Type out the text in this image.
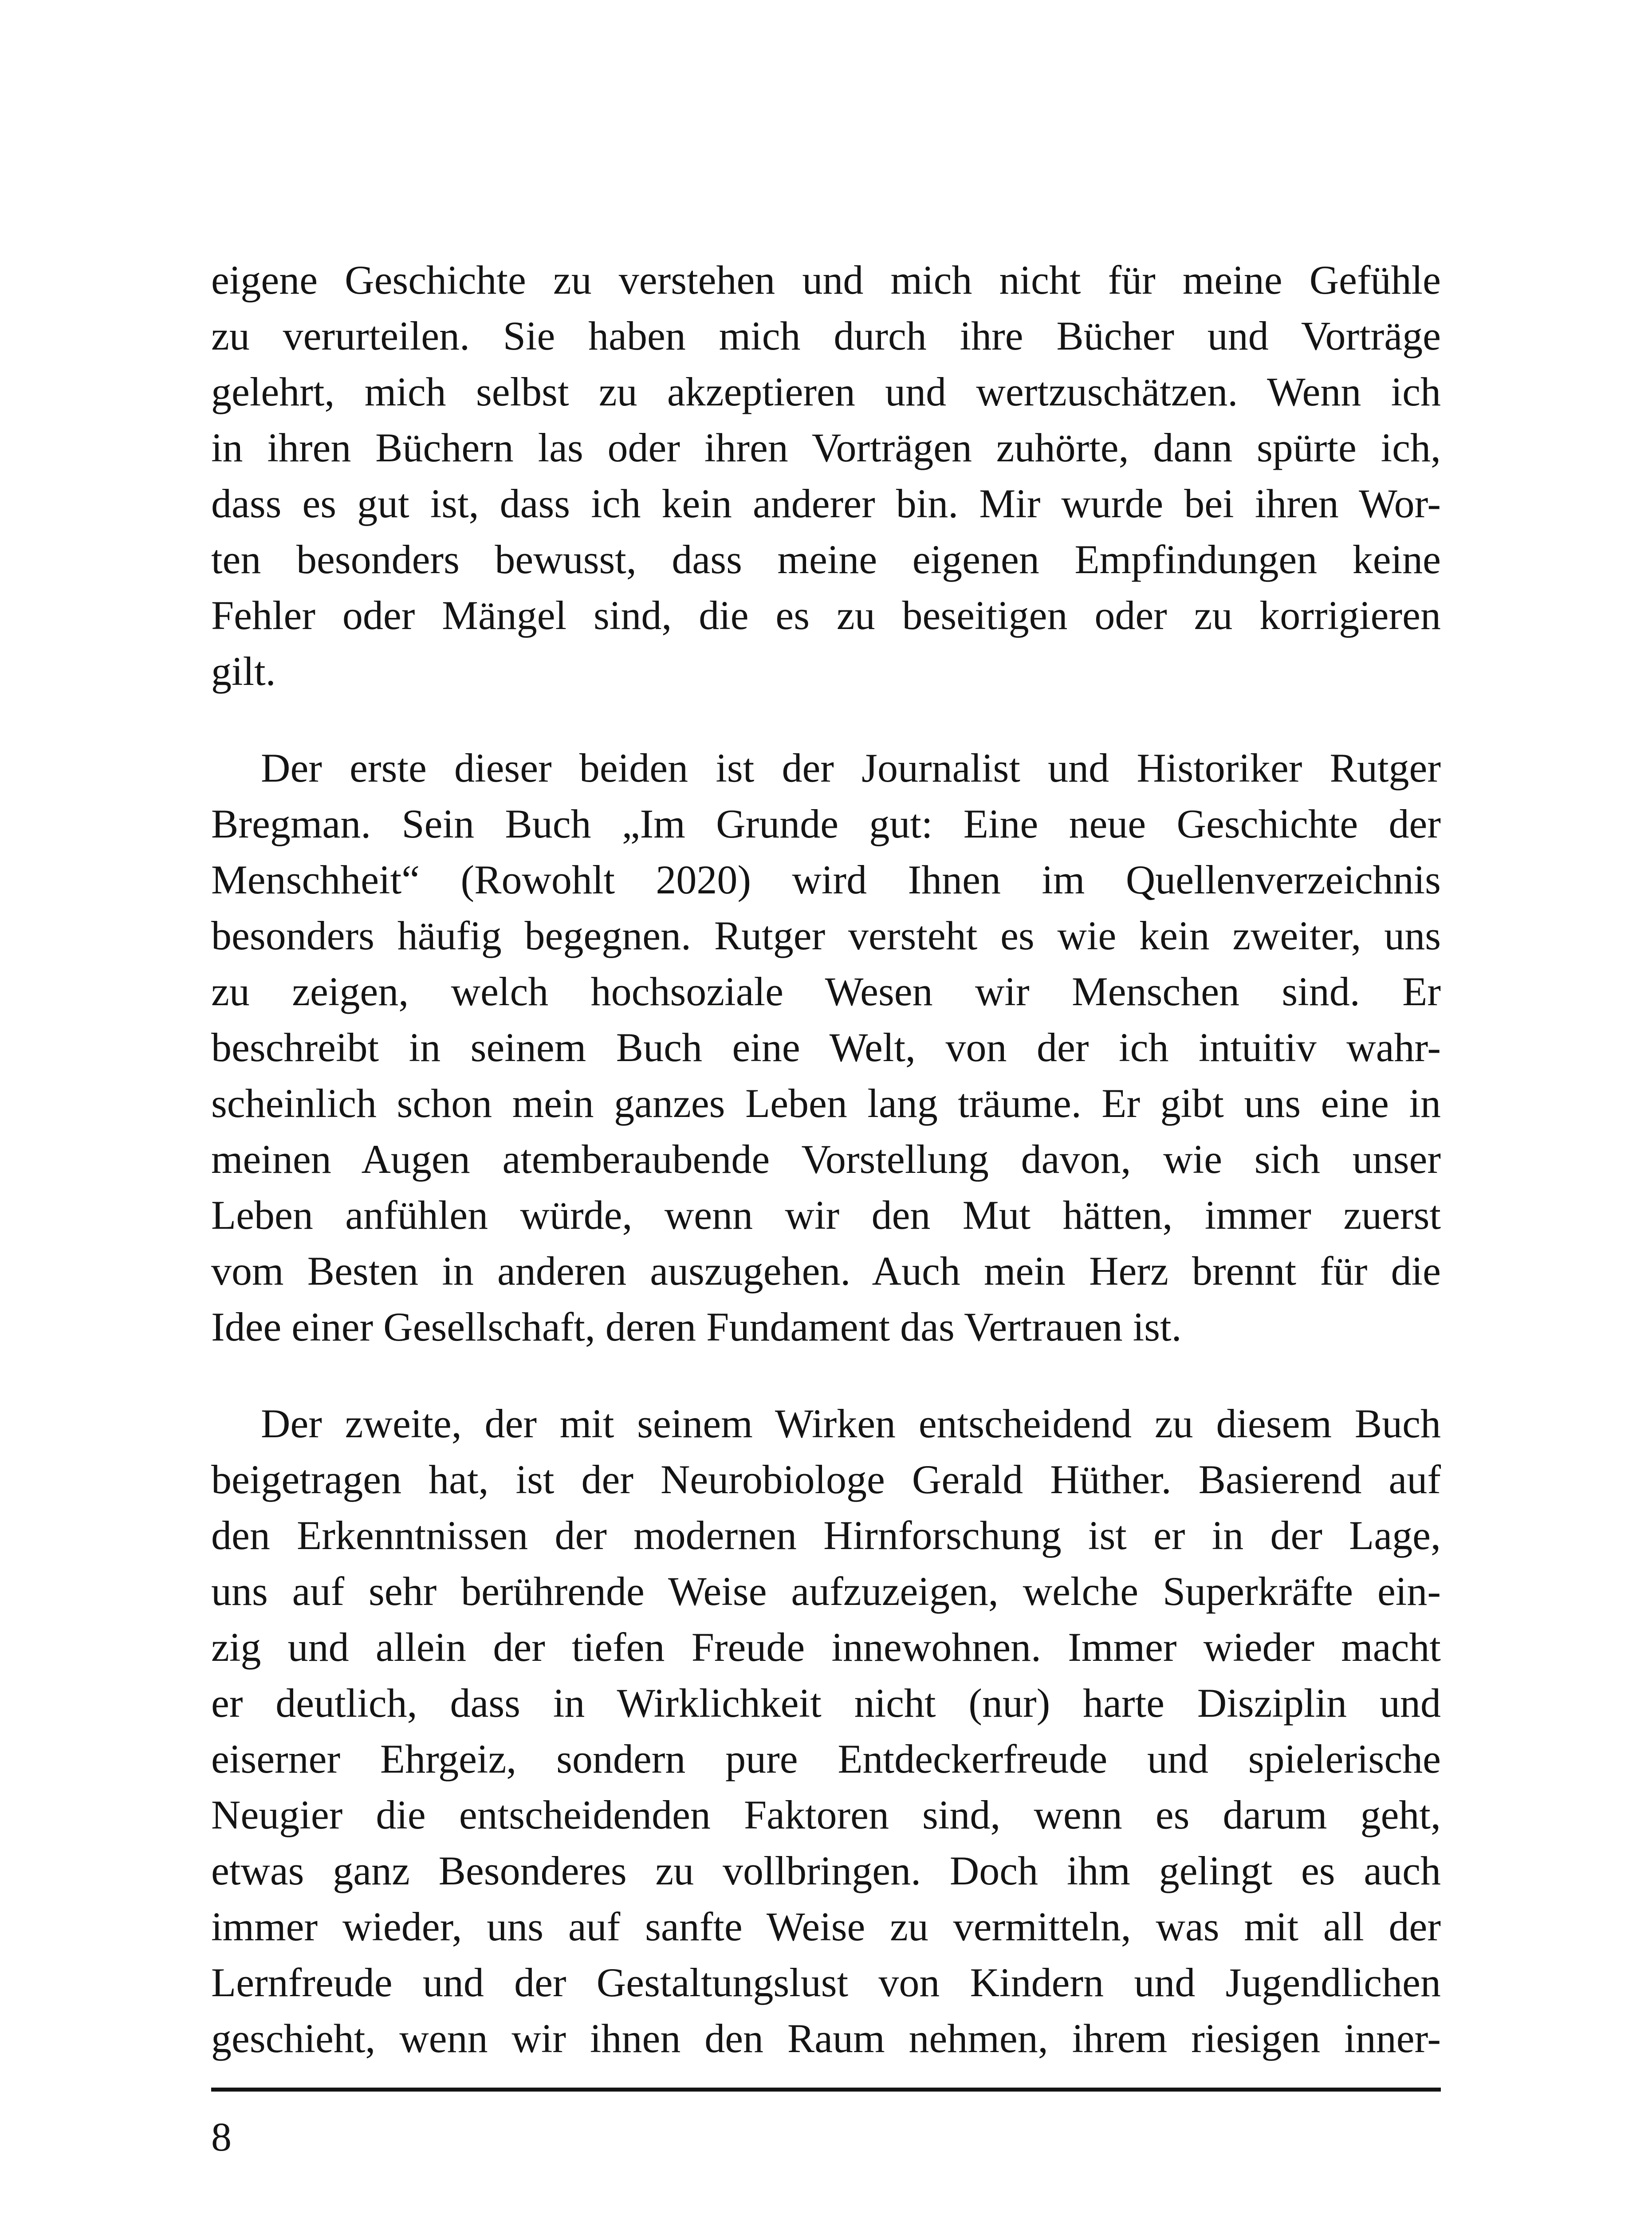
eigene Geschichte zu verstehen und mich nicht für meine Gefühle
zu verurteilen. Sie haben mich durch ihre Bücher und Vorträge
gelehrt, mich selbst zu akzeptieren und wertzuschätzen. Wenn ich
in ihren Büchern las oder ihren Vorträgen zuhörte, dann spürte ich,
dass es gut ist, dass ich kein anderer bin. Mir wurde bei ihren Wor-
ten besonders bewusst, dass meine eigenen Empfindungen keine
Fehler oder Mängel sind, die es zu beseitigen oder zu korrigieren
gilt.

Der erste dieser beiden ist der Journalist und Historiker Rutger
Bregman. Sein Buch „Im Grunde gut: Eine neue Geschichte der
Menschheit“ (Rowohlt 2020) wird Ihnen im Quellenverzeichnis
besonders häufig begegnen. Rutger versteht es wie kein zweiter, uns
zu zeigen, welch hochsoziale Wesen wir Menschen sind. Er
beschreibt in seinem Buch eine Welt, von der ich intuitiv wahr-
scheinlich schon mein ganzes Leben lang träume. Er gibt uns eine in
meinen Augen atemberaubende Vorstellung davon, wie sich unser
Leben anfühlen würde, wenn wir den Mut hätten, immer zuerst
vom Besten in anderen auszugehen. Auch mein Herz brennt für die
Idee einer Gesellschaft, deren Fundament das Vertrauen ist.

Der zweite, der mit seinem Wirken entscheidend zu diesem Buch
beigetragen hat, ist der Neurobiologe Gerald Hüther. Basierend auf
den Erkenntnissen der modernen Hirnforschung ist er in der Lage,
uns auf sehr berührende Weise aufzuzeigen, welche Superkräfte ein-
zig und allein der tiefen Freude innewohnen. Immer wieder macht
er deutlich, dass in Wirklichkeit nicht (nur) harte Disziplin und
eiserner Ehrgeiz, sondern pure Entdeckerfreude und spielerische
Neugier die entscheidenden Faktoren sind, wenn es darum geht,
etwas ganz Besonderes zu vollbringen. Doch ihm gelingt es auch
immer wieder, uns auf sanfte Weise zu vermitteln, was mit all der
Lernfreude und der Gestaltungslust von Kindern und Jugendlichen
geschieht, wenn wir ihnen den Raum nehmen, ihrem riesigen inner-

8
